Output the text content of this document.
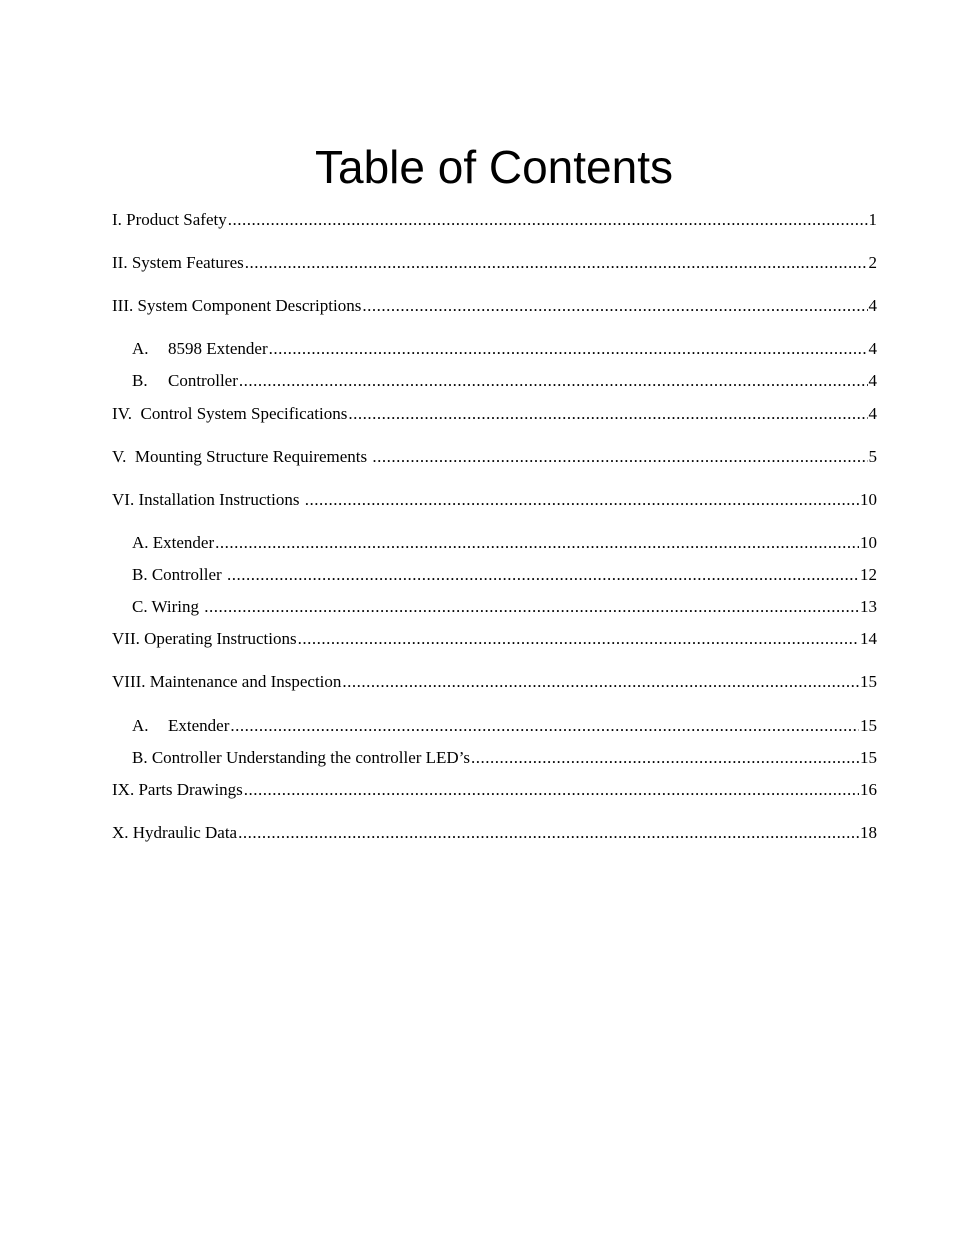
Table of Contents
I. Product Safety .....	1
II. System Features .....	2
III. System Component Descriptions .....	4
A.	8598 Extender .....	4
B.	Controller .....	4
IV.  Control System Specifications .....	4
V.  Mounting Structure Requirements .....	5
VI. Installation Instructions .....	10
A. Extender .....	10
B. Controller .....	12
C. Wiring .....	13
VII. Operating Instructions .....	14
VIII. Maintenance and Inspection .....	15
A.	Extender .....	15
B. Controller Understanding the controller LED’s .....	15
IX. Parts Drawings .....	16
X. Hydraulic Data .....	18
